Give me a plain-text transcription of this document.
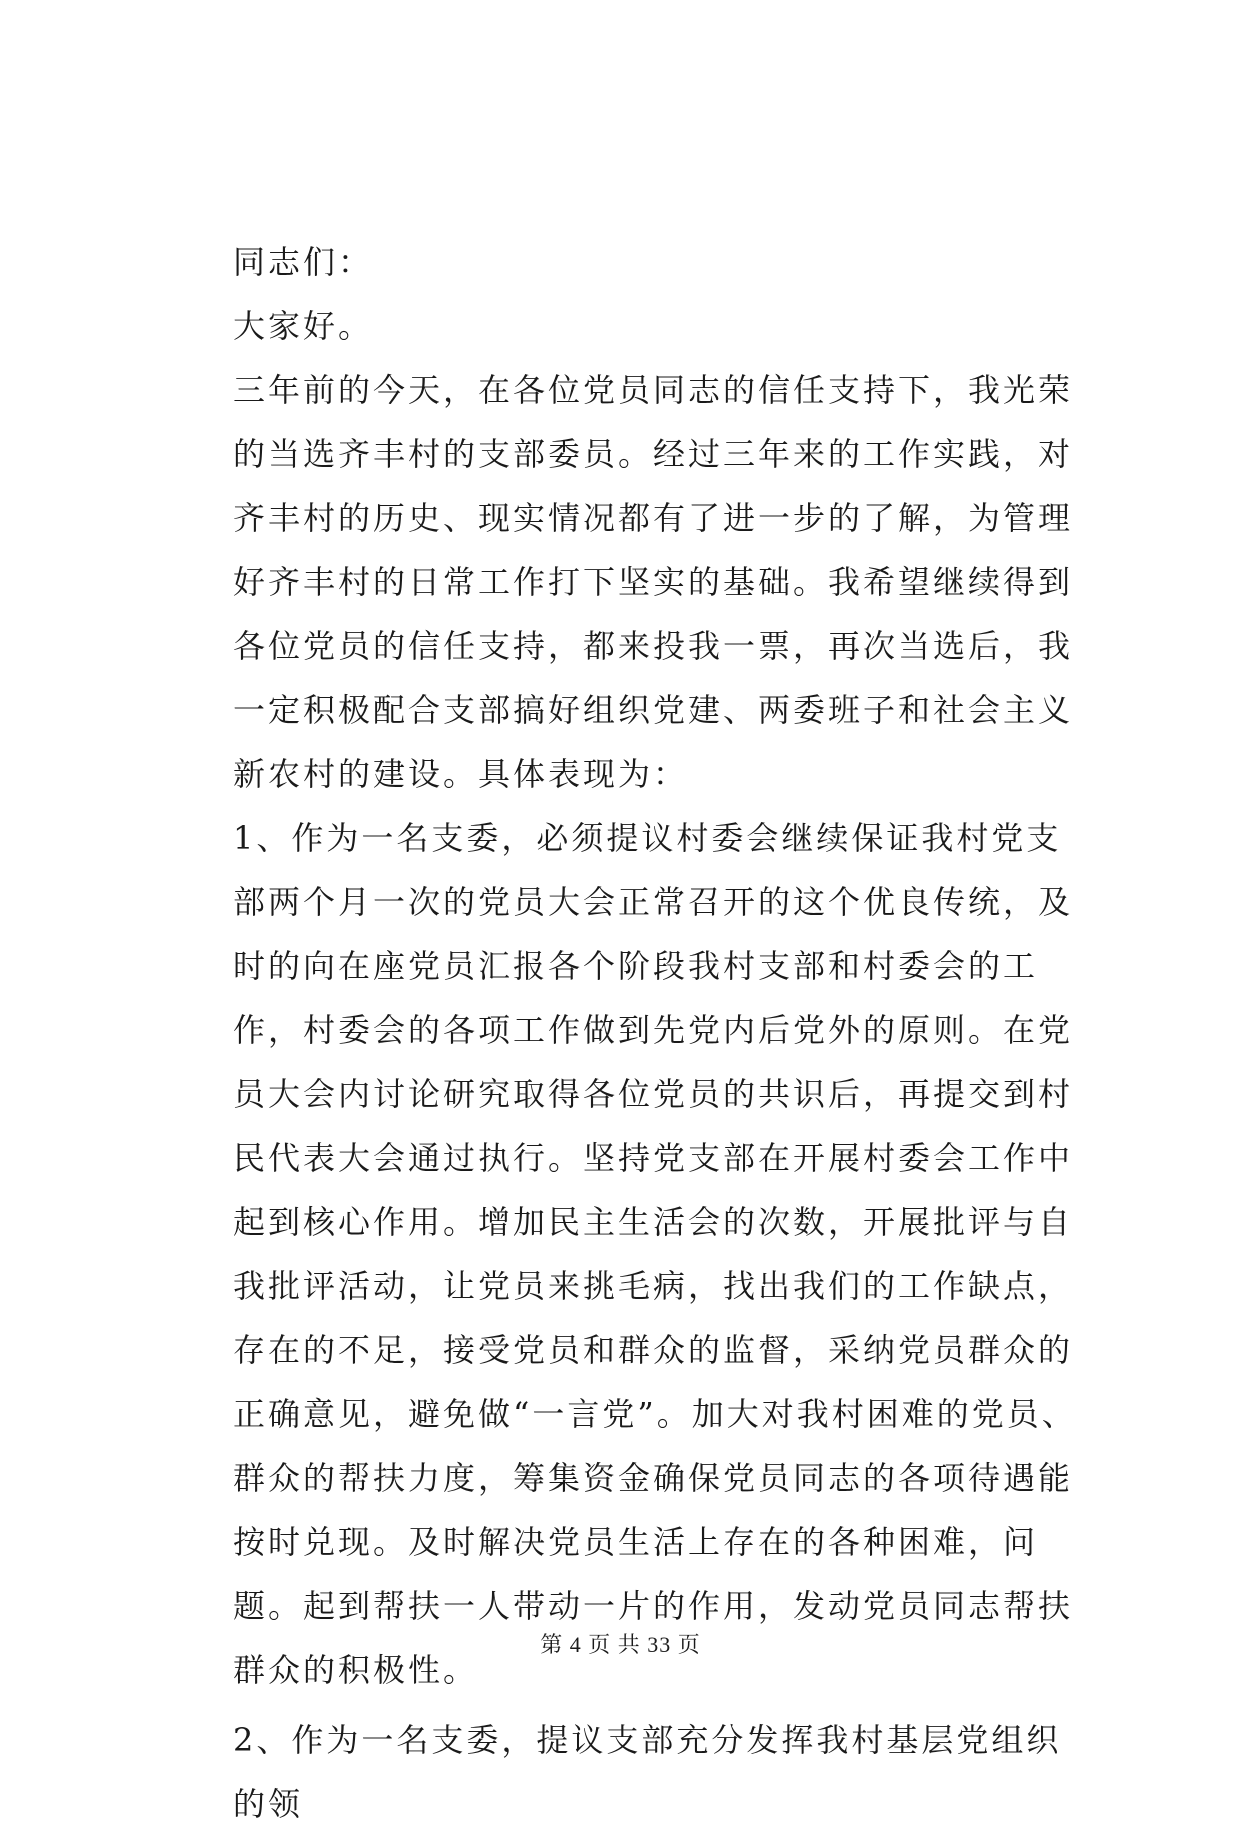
同志们：

大家好。

三年前的今天，在各位党员同志的信任支持下，我光荣的当选齐丰村的支部委员。经过三年来的工作实践，对齐丰村的历史、现实情况都有了进一步的了解，为管理好齐丰村的日常工作打下坚实的基础。我希望继续得到各位党员的信任支持，都来投我一票，再次当选后，我一定积极配合支部搞好组织党建、两委班子和社会主义新农村的建设。具体表现为：

1、作为一名支委，必须提议村委会继续保证我村党支部两个月一次的党员大会正常召开的这个优良传统，及时的向在座党员汇报各个阶段我村支部和村委会的工作，村委会的各项工作做到先党内后党外的原则。在党员大会内讨论研究取得各位党员的共识后，再提交到村民代表大会通过执行。坚持党支部在开展村委会工作中起到核心作用。增加民主生活会的次数，开展批评与自我批评活动，让党员来挑毛病，找出我们的工作缺点，存在的不足，接受党员和群众的监督，采纳党员群众的正确意见，避免做“一言党”。加大对我村困难的党员、群众的帮扶力度，筹集资金确保党员同志的各项待遇能按时兑现。及时解决党员生活上存在的各种困难，问题。起到帮扶一人带动一片的作用，发动党员同志帮扶群众的积极性。

2、作为一名支委，提议支部充分发挥我村基层党组织的领

第 4 页 共 33 页
